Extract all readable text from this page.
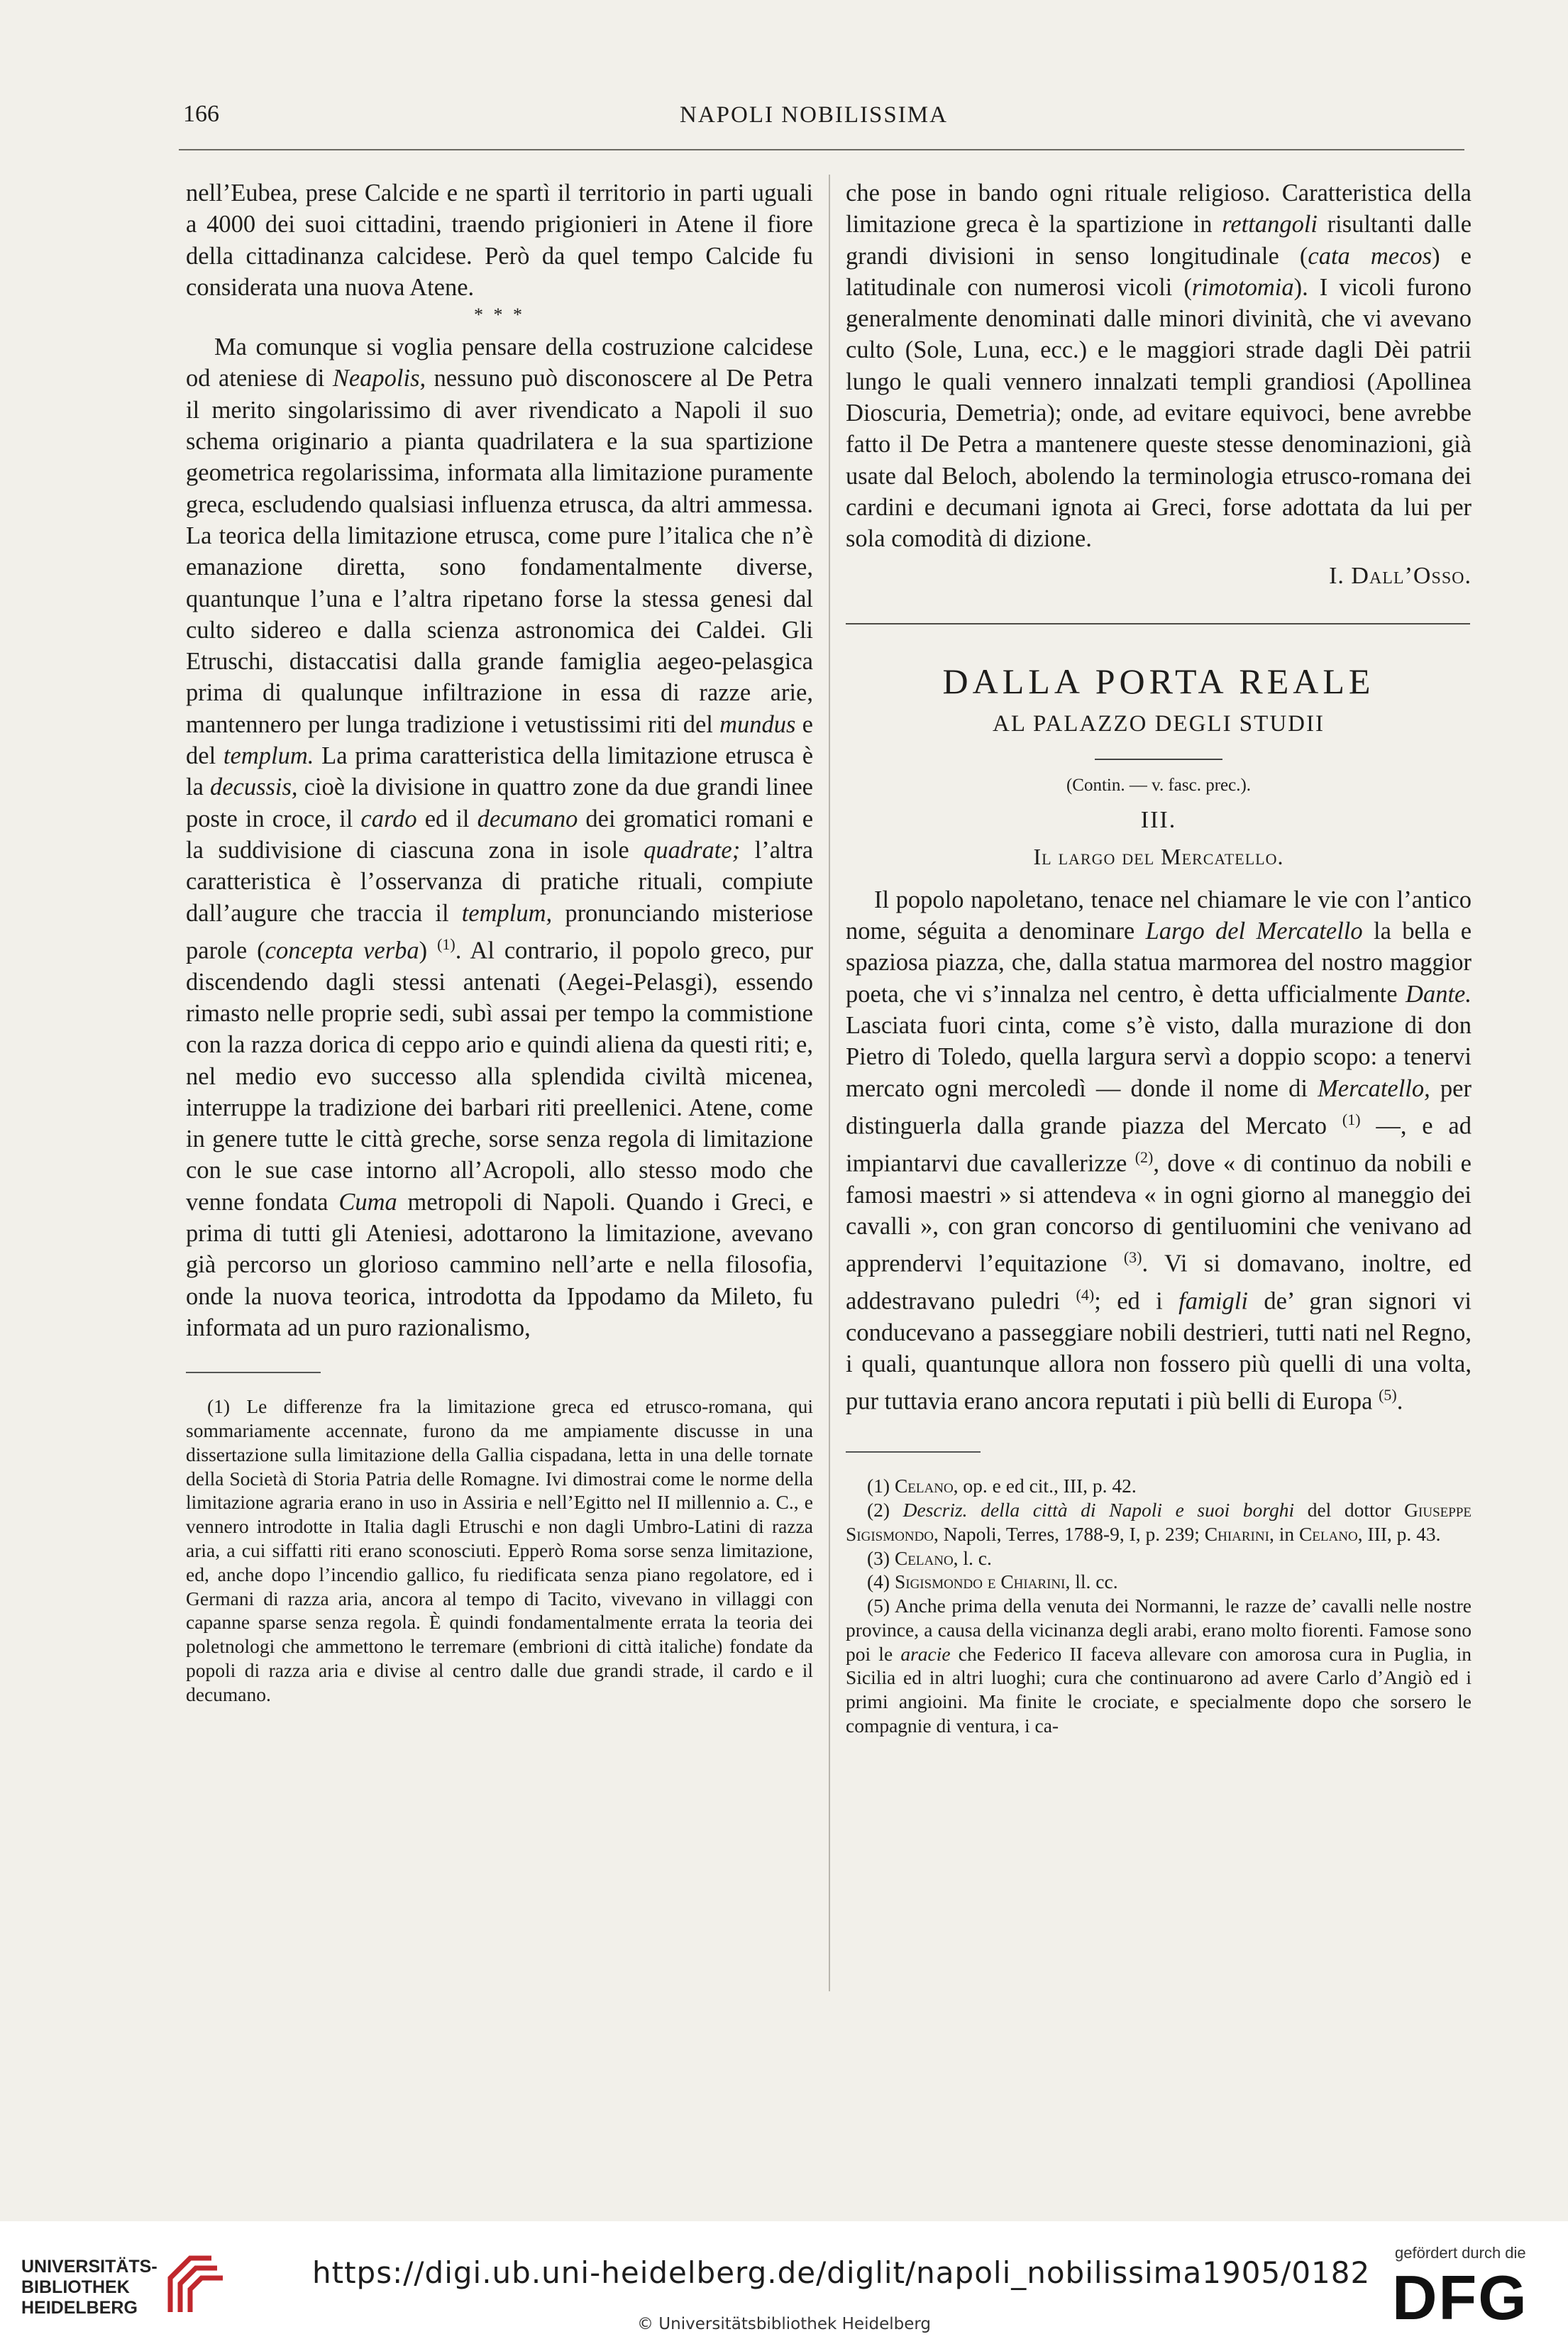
166	NAPOLI NOBILISSIMA

nell’Eubea, prese Calcide e ne spartì il territorio in parti uguali a 4000 dei suoi cittadini, traendo prigionieri in Atene il fiore della cittadinanza calcidese. Però da quel tempo Calcide fu considerata una nuova Atene.

* * *

Ma comunque si voglia pensare della costruzione calcidese od ateniese di Neapolis, nessuno può disconoscere al De Petra il merito singolarissimo di aver rivendicato a Napoli il suo schema originario a pianta quadrilatera e la sua spartizione geometrica regolarissima, informata alla limitazione puramente greca, escludendo qualsiasi influenza etrusca, da altri ammessa. La teorica della limitazione etrusca, come pure l’italica che n’è emanazione diretta, sono fondamentalmente diverse, quantunque l’una e l’altra ripetano forse la stessa genesi dal culto sidereo e dalla scienza astronomica dei Caldei. Gli Etruschi, distaccatisi dalla grande famiglia aegeo-pelasgica prima di qualunque infiltrazione in essa di razze arie, mantennero per lunga tradizione i vetustissimi riti del mundus e del templum. La prima caratteristica della limitazione etrusca è la decussis, cioè la divisione in quattro zone da due grandi linee poste in croce, il cardo ed il decumano dei gromatici romani e la suddivisione di ciascuna zona in isole quadrate; l’altra caratteristica è l’osservanza di pratiche rituali, compiute dall’augure che traccia il templum, pronunciando misteriose parole (concepta verba) $^{(1)}$. Al contrario, il popolo greco, pur discendendo dagli stessi antenati (Aegei-Pelasgi), essendo rimasto nelle proprie sedi, subì assai per tempo la commistione con la razza dorica di ceppo ario e quindi aliena da questi riti; e, nel medio evo successo alla splendida civiltà micenea, interruppe la tradizione dei barbari riti preellenici. Atene, come in genere tutte le città greche, sorse senza regola di limitazione con le sue case intorno all’Acropoli, allo stesso modo che venne fondata Cuma metropoli di Napoli. Quando i Greci, e prima di tutti gli Ateniesi, adottarono la limitazione, avevano già percorso un glorioso cammino nell’arte e nella filosofia, onde la nuova teorica, introdotta da Ippodamo da Mileto, fu informata ad un puro razionalismo,

(1) Le differenze fra la limitazione greca ed etrusco-romana, qui sommariamente accennate, furono da me ampiamente discusse in una dissertazione sulla limitazione della Gallia cispadana, letta in una delle tornate della Società di Storia Patria delle Romagne. Ivi dimostrai come le norme della limitazione agraria erano in uso in Assiria e nell’Egitto nel II millennio a. C., e vennero introdotte in Italia dagli Etruschi e non dagli Umbro-Latini di razza aria, a cui siffatti riti erano sconosciuti. Epperò Roma sorse senza limitazione, ed, anche dopo l’incendio gallico, fu riedificata senza piano regolatore, ed i Germani di razza aria, ancora al tempo di Tacito, vivevano in villaggi con capanne sparse senza regola. È quindi fondamentalmente errata la teoria dei poletnologi che ammettono le terremare (embrioni di città italiche) fondate da popoli di razza aria e divise al centro dalle due grandi strade, il cardo e il decumano.

che pose in bando ogni rituale religioso. Caratteristica della limitazione greca è la spartizione in rettangoli risultanti dalle grandi divisioni in senso longitudinale (cata mecos) e latitudinale con numerosi vicoli (rimotomia). I vicoli furono generalmente denominati dalle minori divinità, che vi avevano culto (Sole, Luna, ecc.) e le maggiori strade dagli Dèi patrii lungo le quali vennero innalzati templi grandiosi (Apollinea Dioscuria, Demetria); onde, ad evitare equivoci, bene avrebbe fatto il De Petra a mantenere queste stesse denominazioni, già usate dal Beloch, abolendo la terminologia etrusco-romana dei cardini e decumani ignota ai Greci, forse adottata da lui per sola comodità di dizione.

I. Dall’Osso.
DALLA PORTA REALE
AL PALAZZO DEGLI STUDII
(Contin. — v. fasc. prec.).
III.
Il largo del Mercatello.

Il popolo napoletano, tenace nel chiamare le vie con l’antico nome, séguita a denominare Largo del Mercatello la bella e spaziosa piazza, che, dalla statua marmorea del nostro maggior poeta, che vi s’innalza nel centro, è detta ufficialmente Dante. Lasciata fuori cinta, come s’è visto, dalla murazione di don Pietro di Toledo, quella largura servì a doppio scopo: a tenervi mercato ogni mercoledì — donde il nome di Mercatello, per distinguerla dalla grande piazza del Mercato $^{(1)}$ —, e ad impiantarvi due cavallerizze $^{(2)}$, dove « di continuo da nobili e famosi maestri » si attendeva « in ogni giorno al maneggio dei cavalli », con gran concorso di gentiluomini che venivano ad apprendervi l’equitazione $^{(3)}$. Vi si domavano, inoltre, ed addestravano puledri $^{(4)}$; ed i famigli de’ gran signori vi conducevano a passeggiare nobili destrieri, tutti nati nel Regno, i quali, quantunque allora non fossero più quelli di una volta, pur tuttavia erano ancora reputati i più belli di Europa $^{(5)}$.

(1) Celano, op. e ed cit., III, p. 42.

(2) Descriz. della città di Napoli e suoi borghi del dottor Giuseppe Sigismondo, Napoli, Terres, 1788-9, I, p. 239; Chiarini, in Celano, III, p. 43.

(3) Celano, l. c.

(4) Sigismondo e Chiarini, ll. cc.

(5) Anche prima della venuta dei Normanni, le razze de’ cavalli nelle nostre province, a causa della vicinanza degli arabi, erano molto fiorenti. Famose sono poi le aracie che Federico II faceva allevare con amorosa cura in Puglia, in Sicilia ed in altri luoghi; cura che continuarono ad avere Carlo d’Angiò ed i primi angioini. Ma finite le crociate, e specialmente dopo che sorsero le compagnie di ventura, i ca-

UNIVERSITÄTS-
BIBLIOTHEK
HEIDELBERG
https://digi.ub.uni-heidelberg.de/diglit/napoli_nobilissima1905/0182
© Universitätsbibliothek Heidelberg
gefördert durch die
DFG
